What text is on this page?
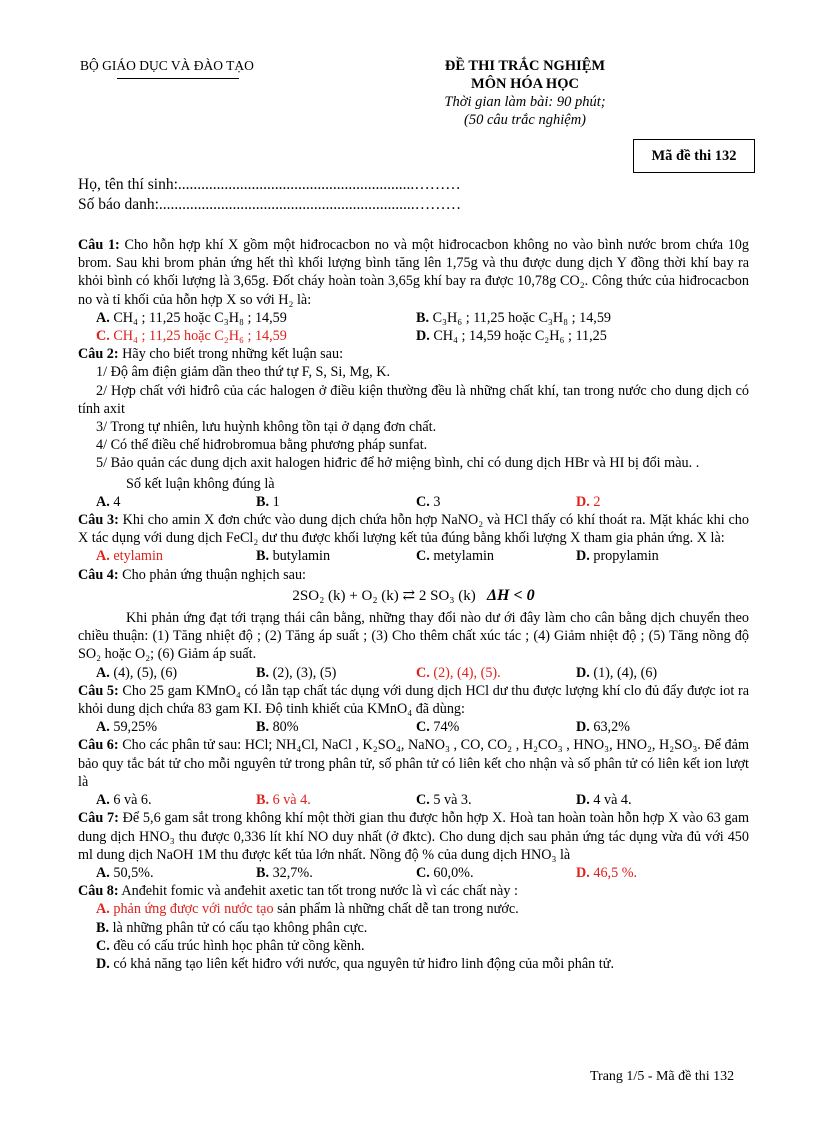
BỘ GIÁO DỤC VÀ ĐÀO TẠO	ĐỀ THI TRẮC NGHIỆM
MÔN HÓA HỌC
Thời gian làm bài: 90 phút;
(50 câu trắc nghiệm)
Mã đề thi 132
Họ, tên thí sinh:.............................................................………
Số báo danh:..................................................................………

Câu 1: Cho hỗn hợp khí X gồm một hiđrocacbon no và một hiđrocacbon không no vào bình nước brom chứa 10g brom. Sau khi brom phản ứng hết thì khối lượng bình tăng lên 1,75g và thu được dung dịch Y đồng thời khí bay ra khỏi bình có khối lượng là 3,65g. Đốt cháy hoàn toàn 3,65g khí bay ra được 10,78g CO₂. Công thức của hiđrocacbon no và tỉ khối của hỗn hợp X so với H₂ là:

A. CH₄ ; 11,25 hoặc C₃H₈ ; 14,59	B. C₃H₆ ; 11,25 hoặc C₃H₈ ; 14,59
C. CH₄ ; 11,25 hoặc C₂H₆ ; 14,59	D. CH₄ ; 14,59 hoặc C₂H₆ ; 11,25

Câu 2: Hãy cho biết trong những kết luận sau:

1/ Độ âm điện giảm dần theo thứ tự F, S, Si, Mg, K.

2/ Hợp chất với hiđrô của các halogen ở điều kiện thường đều là những chất khí, tan trong nước cho dung dịch có tính axit

3/ Trong tự nhiên, lưu huỳnh không tồn tại ở dạng đơn chất.

4/ Có thể điều chế hiđrobromua bằng phương pháp sunfat.

5/ Bảo quản các dung dịch axit halogen hiđric để hở miệng bình, chỉ có dung dịch HBr và HI bị đổi màu. .

Số kết luận không đúng là

A. 4	B. 1	C. 3	D. 2

Câu 3: Khi cho amin X đơn chức vào dung dịch chứa hỗn hợp NaNO₂ và HCl thấy có khí thoát ra. Mặt khác khi cho X tác dụng với dung dịch FeCl₂ dư thu được khối lượng kết tủa đúng bằng khối lượng X tham gia phản ứng. X là:

A. etylamin	B. butylamin	C. metylamin	D. propylamin

Câu 4: Cho phản ứng thuận nghịch sau:

2SO₂ (k) + O₂ (k) ⇄ 2 SO₃ (k) ΔH < 0

Khi phản ứng đạt tới trạng thái cân bằng, những thay đổi nào dư ới đây làm cho cân bằng dịch chuyển theo chiều thuận: (1) Tăng nhiệt độ ; (2) Tăng áp suất ; (3) Cho thêm chất xúc tác ; (4) Giảm nhiệt độ ; (5) Tăng nồng độ SO₂ hoặc O₂; (6) Giảm áp suất.

A. (4), (5), (6)	B. (2), (3), (5)	C. (2), (4), (5).	D. (1), (4), (6)

Câu 5: Cho 25 gam KMnO₄ có lẫn tạp chất tác dụng với dung dịch HCl dư thu được lượng khí clo đủ đẩy được iot ra khỏi dung dịch chứa 83 gam KI. Độ tinh khiết của KMnO₄ đã dùng:

A. 59,25%	B. 80%	C. 74%	D. 63,2%

Câu 6: Cho các phân tử sau: HCl; NH₄Cl, NaCl , K₂SO₄, NaNO₃ , CO, CO₂ , H₂CO₃ , HNO₃, HNO₂, H₂SO₃. Để đảm bảo quy tắc bát tử cho mỗi nguyên tử trong phân tử, số phân tử có liên kết cho nhận và số phân tử có liên kết ion lượt là

A. 6 và 6.	B. 6 và 4.	C. 5 và 3.	D. 4 và 4.

Câu 7: Để 5,6 gam sắt trong không khí một thời gian thu được hỗn hợp X. Hoà tan hoàn toàn hỗn hợp X vào 63 gam dung dịch HNO₃ thu được 0,336 lít khí NO duy nhất (ở đktc). Cho dung dịch sau phản ứng tác dụng vừa đủ với 450 ml dung dịch NaOH 1M thu được kết tủa lớn nhất. Nồng độ % của dung dịch HNO₃ là

A. 50,5%.	B. 32,7%.	C. 60,0%.	D. 46,5 %.

Câu 8: Anđehit fomic và anđehit axetic tan tốt trong nước là vì các chất này :

A. phản ứng được với nước tạo sản phẩm là những chất dễ tan trong nước.
B. là những phân tử có cấu tạo không phân cực.
C. đều có cấu trúc hình học phân tử cồng kềnh.
D. có khả năng tạo liên kết hiđro với nước, qua nguyên tử hiđro linh động của mỗi phân tử.
Trang 1/5 - Mã đề thi 132
